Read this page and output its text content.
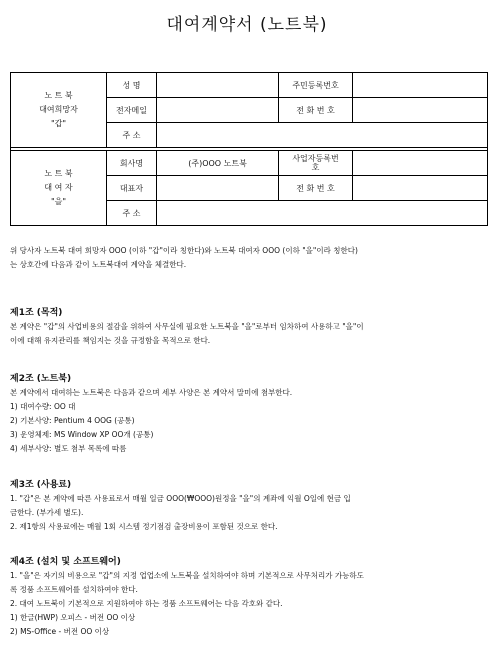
대여계약서 (노트북)
노 트 북
대여희망자
"갑"	성 명		주민등록번호	
	전자메일		전 화 번 호	
	주 소			

노 트 북
대 여 자
"을"	회사명	(주)OOO 노트북	사업자등록번
호	
	대표자		전 화 번 호	
	주 소			

위 당사자 노트북 대여 희망자 OOO (이하 "갑"이라 칭한다)와 노트북 대여자 OOO (이하 "을"이라 칭한다)

는 상호간에 다음과 같이 노트북대여 계약을 체결한다.

제1조 (목적)

본 계약은 "갑"의 사업비용의 절감을 위하여 사무실에 필요한 노트북을 "을"로부터 임차하여 사용하고 "을"이

이에 대해 유지관리를 책임지는 것을 규정함을 목적으로 한다.

제2조 (노트북)

본 계약에서 대여하는 노트북은 다음과 같으며 세부 사양은 본 계약서 말미에 첨부한다.

1) 대여수량: OO 대

2) 기본사양: Pentium 4 OOG (공통)

3) 운영체제: MS Window XP OO개 (공통)

4) 세부사양: 별도 첨부 목록에 따름

제3조 (사용료)

1. "갑"은 본 계약에 따른 사용료로서 매월 일금 OOO(₩OOO)원정을 "을"의 계좌에 익월 O일에 현금 입

금한다. (부가세 별도).

2. 제1항의 사용료에는 매월 1회 시스템 정기점검 출장비용이 포함된 것으로 한다.

제4조 (설치 및 소프트웨어)

1. "을"은 자기의 비용으로 "갑"의 지정 업업소에 노트북을 설치하여야 하며 기본적으로 사무처리가 가능하도

록 정품 소프트웨어를 설치하여야 한다.

2. 대여 노트북이 기본적으로 지원하여야 하는 정품 소프트웨어는 다음 각호와 같다.

1) 한글(HWP) 오피스 - 버전 OO 이상

2) MS-Office - 버전 OO 이상
